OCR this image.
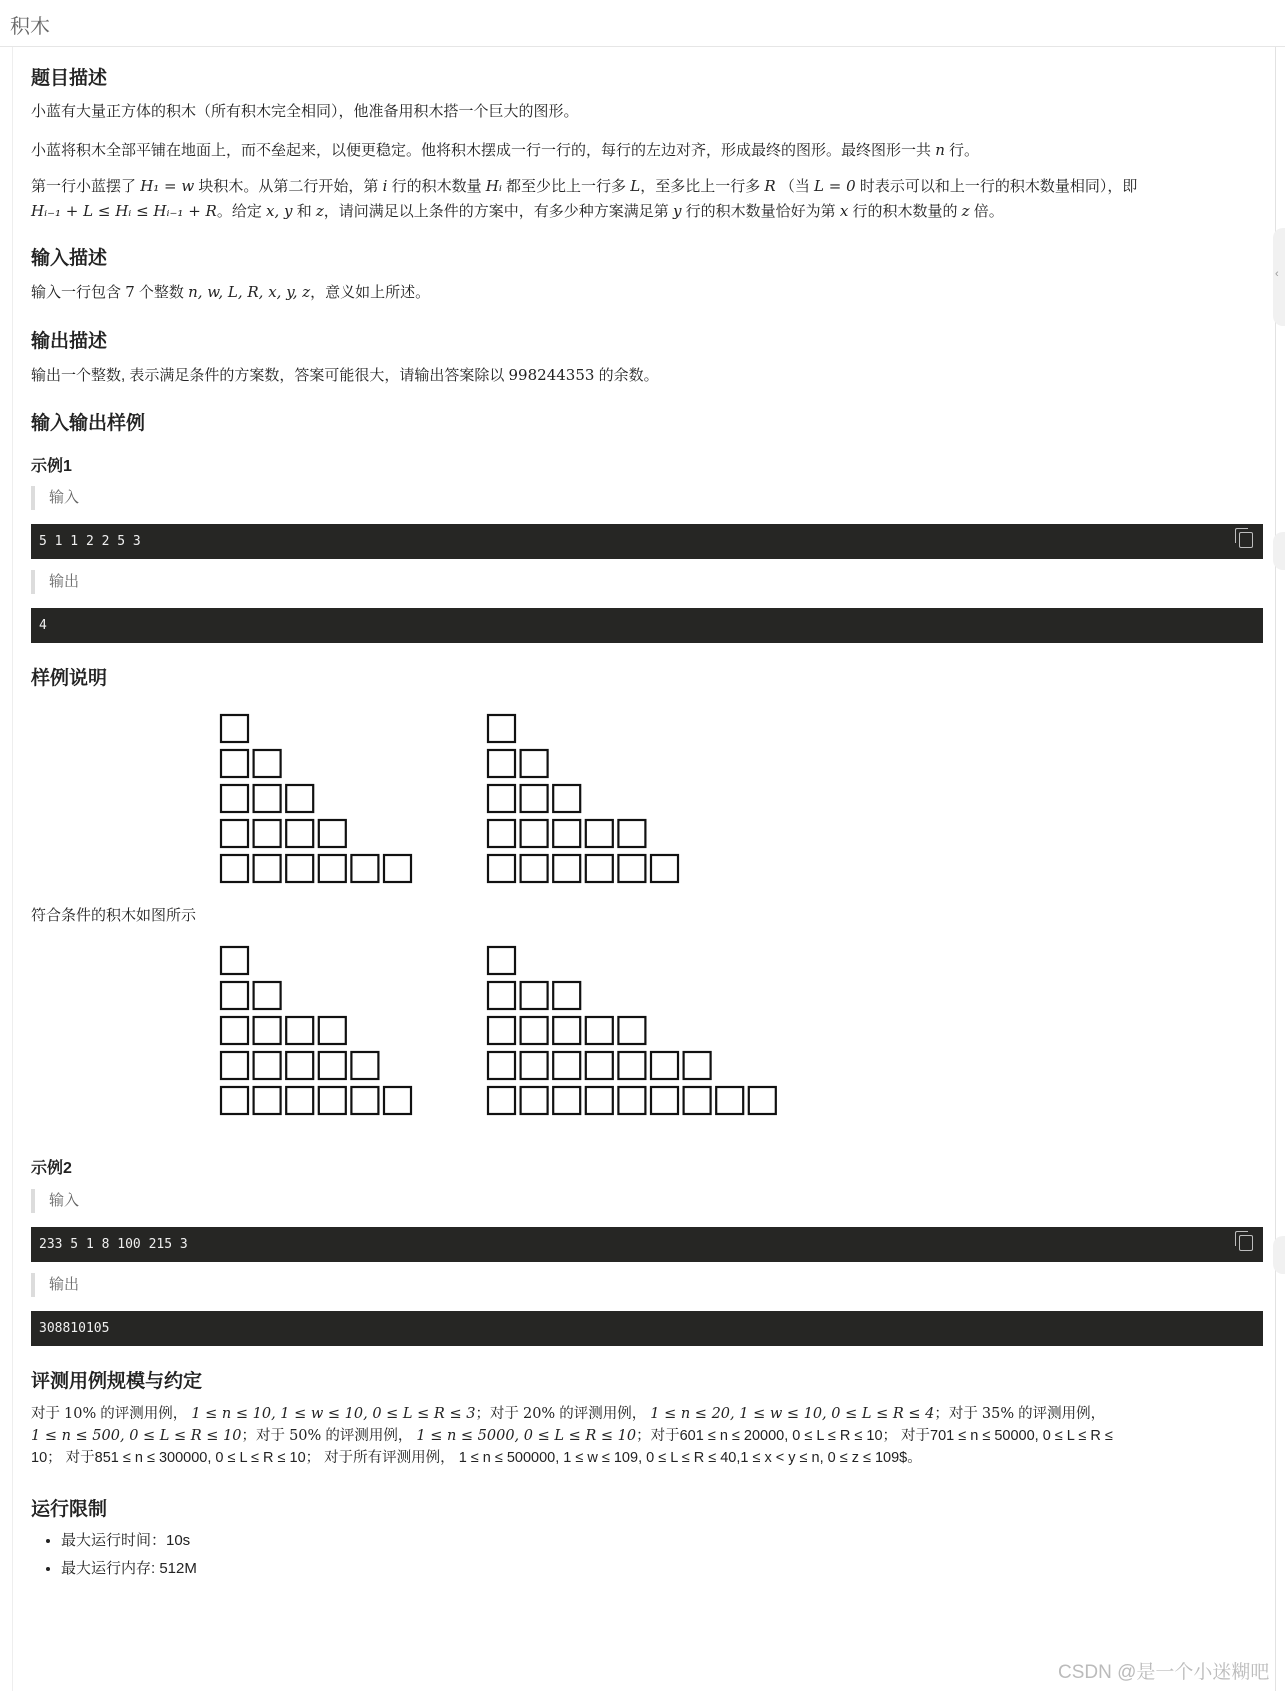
积木
题目描述

小蓝有大量正方体的积木（所有积木完全相同），他准备用积木搭一个巨大的图形。

小蓝将积木全部平铺在地面上，而不垒起来，以便更稳定。他将积木摆成一行一行的，每行的左边对齐，形成最终的图形。最终图形一共 n 行。

第一行小蓝摆了 H₁ = w 块积木。从第二行开始，第 i 行的积木数量 Hᵢ 都至少比上一行多 L，至多比上一行多 R （当 L = 0 时表示可以和上一行的积木数量相同），即
Hᵢ₋₁ + L ≤ Hᵢ ≤ Hᵢ₋₁ + R。给定 x, y 和 z，请问满足以上条件的方案中，有多少种方案满足第 y 行的积木数量恰好为第 x 行的积木数量的 z 倍。

输入描述

输入一行包含 7 个整数 n, w, L, R, x, y, z，意义如上所述。

输出描述

输出一个整数, 表示满足条件的方案数，答案可能很大，请输出答案除以 998244353 的余数。

输入输出样例
示例1
输入
5 1 1 2 2 5 3
输出
4
样例说明

符合条件的积木如图所示

示例2
输入
233 5 1 8 100 215 3
输出
308810105
评测用例规模与约定

对于 10% 的评测用例， 1 ≤ n ≤ 10, 1 ≤ w ≤ 10, 0 ≤ L ≤ R ≤ 3；对于 20% 的评测用例， 1 ≤ n ≤ 20, 1 ≤ w ≤ 10, 0 ≤ L ≤ R ≤ 4；对于 35% 的评测用例，
1 ≤ n ≤ 500, 0 ≤ L ≤ R ≤ 10；对于 50% 的评测用例， 1 ≤ n ≤ 5000, 0 ≤ L ≤ R ≤ 10；对于601 ≤ n ≤ 20000, 0 ≤ L ≤ R ≤ 10； 对于701 ≤ n ≤ 50000, 0 ≤ L ≤ R ≤
10； 对于851 ≤ n ≤ 300000, 0 ≤ L ≤ R ≤ 10； 对于所有评测用例， 1 ≤ n ≤ 500000, 1 ≤ w ≤ 109, 0 ≤ L ≤ R ≤ 40,1 ≤ x < y ≤ n, 0 ≤ z ≤ 109$。

运行限制
• 最大运行时间：10s
• 最大运行内存: 512M
‹
CSDN @是一个小迷糊吧
